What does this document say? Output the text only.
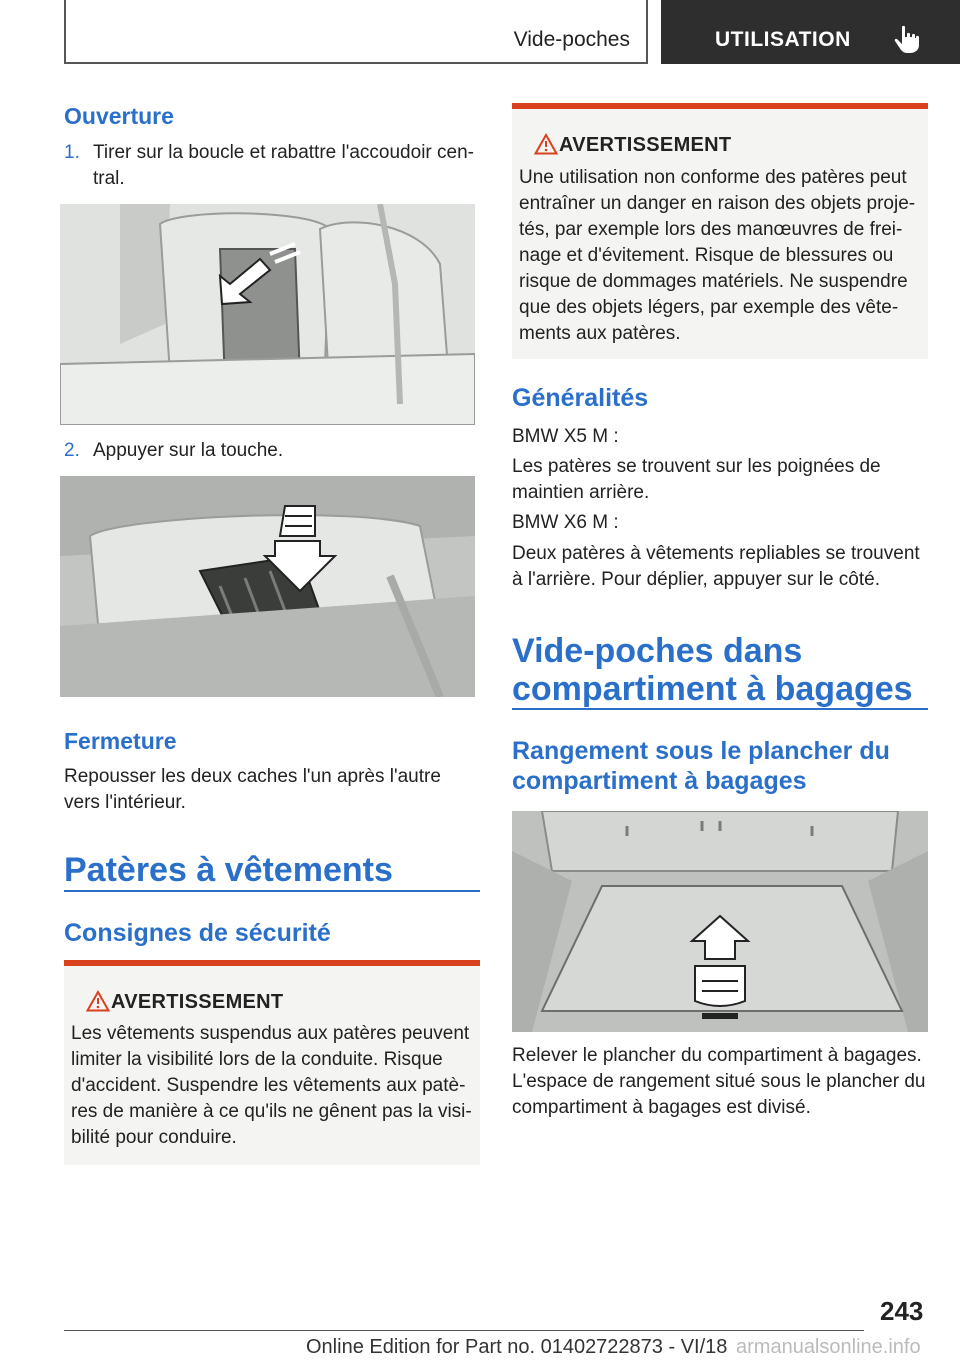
Vide-poches	UTILISATION
Ouverture
1. Tirer sur la boucle et rabattre l'accoudoir cen‐tral.
2. Appuyer sur la touche.
Fermeture
Repousser les deux caches l'un après l'autre vers l'intérieur.
Patères à vêtements
Consignes de sécurité
AVERTISSEMENT
Les vêtements suspendus aux patères peuvent limiter la visibilité lors de la conduite. Risque d'accident. Suspendre les vêtements aux patè‐res de manière à ce qu'ils ne gênent pas la visi‐bilité pour conduire.
AVERTISSEMENT
Une utilisation non conforme des patères peut entraîner un danger en raison des objets proje‐tés, par exemple lors des manœuvres de frei‐nage et d'évitement. Risque de blessures ou risque de dommages matériels. Ne suspendre que des objets légers, par exemple des vête‐ments aux patères.
Généralités
BMW X5 M :
Les patères se trouvent sur les poignées de maintien arrière.
BMW X6 M :
Deux patères à vêtements repliables se trouvent à l'arrière. Pour déplier, appuyer sur le côté.
Vide-poches dans compartiment à bagages
Rangement sous le plancher du compartiment à bagages
Relever le plancher du compartiment à bagages. L'espace de rangement situé sous le plancher du compartiment à bagages est divisé.
243
Online Edition for Part no. 01402722873 - VI/18 armanualsonline.info
